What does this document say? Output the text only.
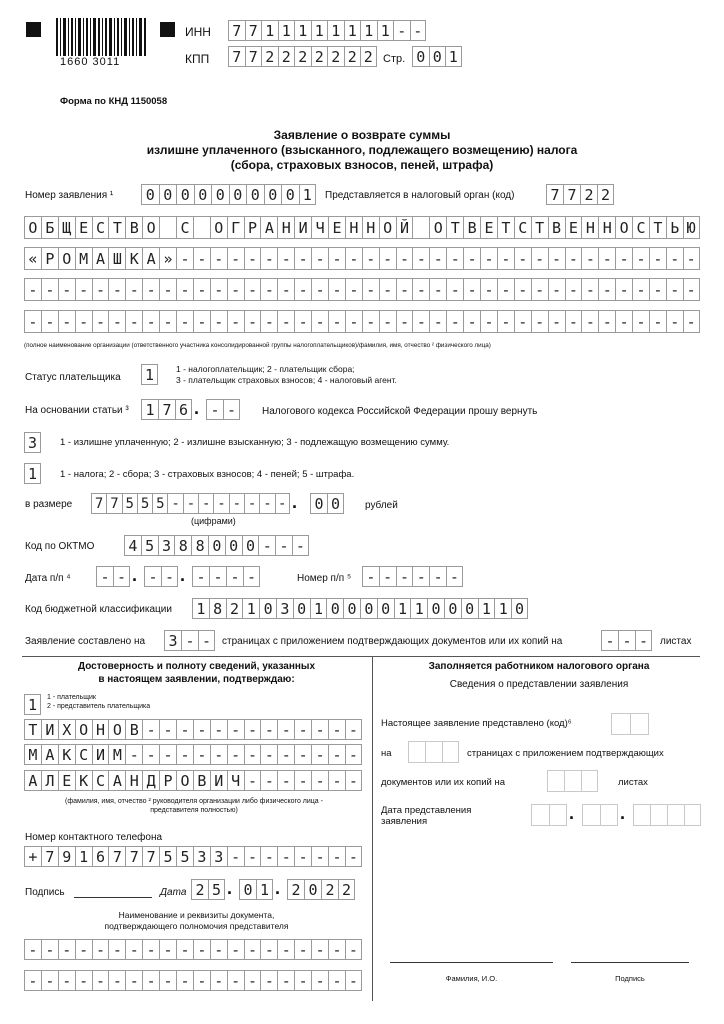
1660 3011
ИНН 7 7 1 1 1 1 1 1 1 1 - -
КПП 7 7 2 2 2 2 2 2 2 Стр. 0 0 1
Форма по КНД 1150058
Заявление о возврате суммы
излишне уплаченного (взысканного, подлежащего возмещению) налога
(сбора, страховых взносов, пеней, штрафа)
Номер заявления ¹	0 0 0 0 0 0 0 0 0 1	Представляется в налоговый орган (код) 7 7 2 2
О Б Щ Е С Т В О С О Г Р А Н И Ч Е Н Н О Й О Т В Е Т С Т В Е Н Н О С Т Ь Ю
« Р О М А Ш К А » - - - - - - - - - - - - - - - - - - - - - - - - - - - - - - -
- - - - - - - - - - - - - - - - - - - - - - - - - - - - - - - - - - - - - - - -
- - - - - - - - - - - - - - - - - - - - - - - - - - - - - - - - - - - - - - - -
(полное наименование организации (ответственного участника консолидированной группы налогоплательщиков)/фамилия, имя, отчество ² физического лица)
Статус плательщика 1	1 - налогоплательщик; 2 - плательщик сбора;
3 - плательщик страховых взносов; 4 - налоговый агент.
На основании статьи ³ 1 7 6 . - -	Налогового кодекса Российской Федерации прошу вернуть
3	1 - излишне уплаченную; 2 - излишне взысканную; 3 - подлежащую возмещению сумму.
1	1 - налога; 2 - сбора; 3 - страховых взносов; 4 - пеней; 5 - штрафа.
в размере 7 7 5 5 5 - - - - - - - - . 0 0	рублей
(цифрами)
Код по ОКТМО 4 5 3 8 8 0 0 0 - - -
Дата п/п ⁴ - - . - - . - - - -	Номер п/п ⁵ - - - - - -
Код бюджетной классификации 1 8 2 1 0 3 0 1 0 0 0 0 1 1 0 0 0 1 1 0
Заявление составлено на 3 - -	страницах с приложением подтверждающих документов или их копий на	- - -	листах
Достоверность и полноту сведений, указанных
в настоящем заявлении, подтверждаю:
1	1 - плательщик
2 - представитель плательщика
Т И Х О Н О В - - - - - - - - - - - - -
М А К С И М - - - - - - - - - - - - - -
А Л Е К С А Н Д Р О В И Ч - - - - - - -
(фамилия, имя, отчество ² руководителя организации либо физического лица -
представителя полностью)
Номер контактного телефона
+ 7 9 1 6 7 7 7 5 5 3 3 - - - - - - - -
Подпись	Дата 2 5 . 0 1 . 2 0 2 2
Наименование и реквизиты документа,
подтверждающего полномочия представителя
- - - - - - - - - - - - - - - - - - - -
- - - - - - - - - - - - - - - - - - - -
Заполняется работником налогового органа
Сведения о представлении заявления
Настоящее заявление представлено (код)⁶
на	страницах с приложением подтверждающих
документов или их копий на	листах
Дата представления
заявления	.	.
Фамилия, И.О.	Подпись
